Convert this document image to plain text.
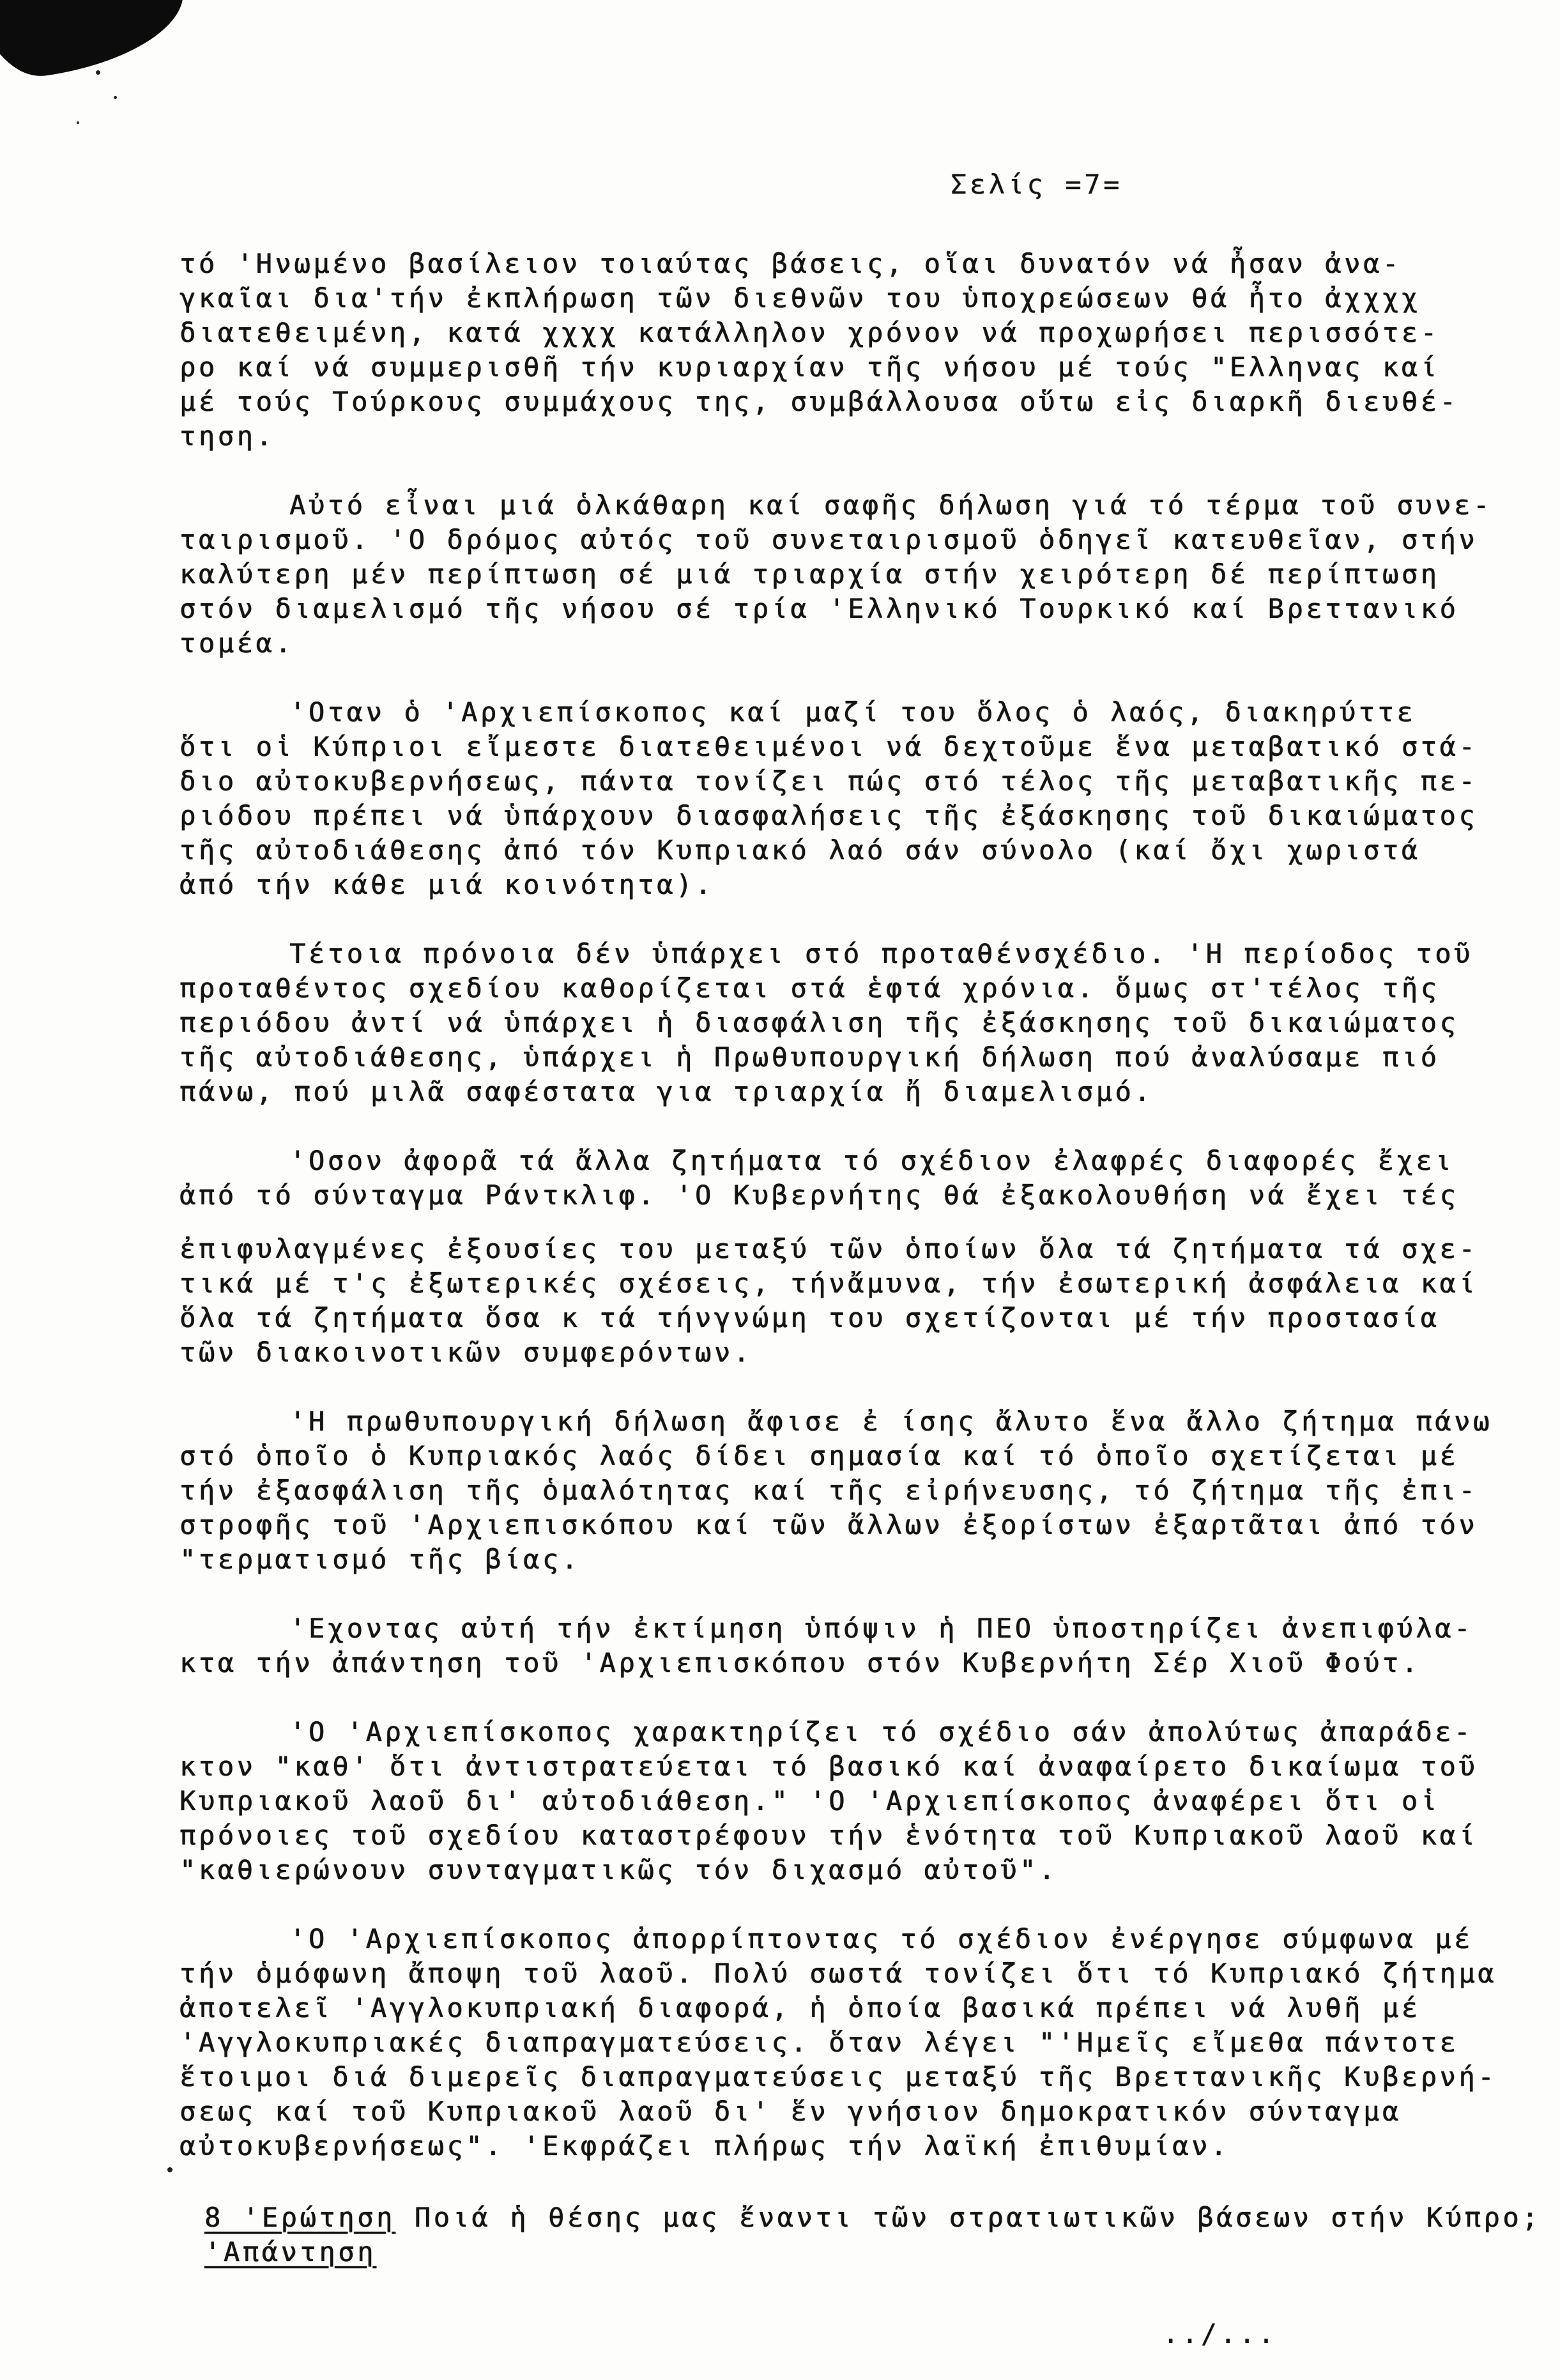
Σελίς =7=
τό 'Ηνωμένο βασίλειον τοιαύτας βάσεις, οἵαι δυνατόν νά ἦσαν ἀνα-
γκαῖαι δια'τήν ἐκπλήρωση τῶν διεθνῶν του ὑποχρεώσεων θά ἦτο ἀχχχχ
διατεθειμένη, κατά χχχχ κατάλληλον χρόνον νά προχωρήσει περισσότε-
ρο καί νά συμμερισθῆ τήν κυριαρχίαν τῆς νήσου μέ τούς "Ελληνας καί
μέ τούς Τούρκους συμμάχους της, συμβάλλουσα οὕτω εἰς διαρκῆ διευθέ-
τηση.
Αὐτό εἶναι μιά ὁλκάθαρη καί σαφῆς δήλωση γιά τό τέρμα τοῦ συνε-
ταιρισμοῦ. 'Ο δρόμος αὐτός τοῦ συνεταιρισμοῦ ὁδηγεῖ κατευθεῖαν, στήν
καλύτερη μέν περίπτωση σέ μιά τριαρχία στήν χειρότερη δέ περίπτωση
στόν διαμελισμό τῆς νήσου σέ τρία 'Ελληνικό Τουρκικό καί Βρεττανικό
τομέα.
'Οταν ὁ 'Αρχιεπίσκοπος καί μαζί του ὅλος ὁ λαός, διακηρύττε
ὅτι οἱ Κύπριοι εἴμεστε διατεθειμένοι νά δεχτοῦμε ἕνα μεταβατικό στά-
διο αὐτοκυβερνήσεως, πάντα τονίζει πώς στό τέλος τῆς μεταβατικῆς πε-
ριόδου πρέπει νά ὑπάρχουν διασφαλήσεις τῆς ἐξάσκησης τοῦ δικαιώματος
τῆς αὐτοδιάθεσης ἀπό τόν Κυπριακό λαό σάν σύνολο (καί ὄχι χωριστά
ἀπό τήν κάθε μιά κοινότητα).
Τέτοια πρόνοια δέν ὑπάρχει στό προταθένσχέδιο. 'Η περίοδος τοῦ
προταθέντος σχεδίου καθορίζεται στά ἑφτά χρόνια. ὅμως στ'τέλος τῆς
περιόδου ἀντί νά ὑπάρχει ἡ διασφάλιση τῆς ἐξάσκησης τοῦ δικαιώματος
τῆς αὐτοδιάθεσης, ὑπάρχει ἡ Πρωθυπουργική δήλωση πού ἀναλύσαμε πιό
πάνω, πού μιλᾶ σαφέστατα για τριαρχία ἤ διαμελισμό.
'Οσον ἀφορᾶ τά ἄλλα ζητήματα τό σχέδιον ἐλαφρές διαφορές ἔχει
ἀπό τό σύνταγμα Ράντκλιφ. 'Ο Κυβερνήτης θά ἐξακολουθήση νά ἔχει τές
ἐπιφυλαγμένες ἐξουσίες του μεταξύ τῶν ὁποίων ὅλα τά ζητήματα τά σχε-
τικά μέ τ'ς ἐξωτερικές σχέσεις, τήνἄμυνα, τήν ἐσωτερική ἀσφάλεια καί
ὅλα τά ζητήματα ὅσα κ τά τήνγνώμη του σχετίζονται μέ τήν προστασία
τῶν διακοινοτικῶν συμφερόντων.
'Η πρωθυπουργική δήλωση ἄφισε ἐ ίσης ἄλυτο ἕνα ἄλλο ζήτημα πάνω
στό ὁποῖο ὁ Κυπριακός λαός δίδει σημασία καί τό ὁποῖο σχετίζεται μέ
τήν ἐξασφάλιση τῆς ὁμαλότητας καί τῆς εἰρήνευσης, τό ζήτημα τῆς ἐπι-
στροφῆς τοῦ 'Αρχιεπισκόπου καί τῶν ἄλλων ἐξορίστων ἐξαρτᾶται ἀπό τόν
"τερματισμό τῆς βίας.
'Εχοντας αὐτή τήν ἐκτίμηση ὑπόψιν ἡ ΠΕΟ ὑποστηρίζει ἀνεπιφύλα-
κτα τήν ἀπάντηση τοῦ 'Αρχιεπισκόπου στόν Κυβερνήτη Σέρ Χιοῦ Φούτ.
'Ο 'Αρχιεπίσκοπος χαρακτηρίζει τό σχέδιο σάν ἀπολύτως ἀπαράδε-
κτον "καθ' ὅτι ἀντιστρατεύεται τό βασικό καί ἀναφαίρετο δικαίωμα τοῦ
Κυπριακοῦ λαοῦ δι' αὐτοδιάθεση." 'Ο 'Αρχιεπίσκοπος ἀναφέρει ὅτι οἱ
πρόνοιες τοῦ σχεδίου καταστρέφουν τήν ἑνότητα τοῦ Κυπριακοῦ λαοῦ καί
"καθιερώνουν συνταγματικῶς τόν διχασμό αὐτοῦ".
'Ο 'Αρχιεπίσκοπος ἀπορρίπτοντας τό σχέδιον ἐνέργησε σύμφωνα μέ
τήν ὁμόφωνη ἄποψη τοῦ λαοῦ. Πολύ σωστά τονίζει ὅτι τό Κυπριακό ζήτημα
ἀποτελεῖ 'Αγγλοκυπριακή διαφορά, ἡ ὁποία βασικά πρέπει νά λυθῆ μέ
'Αγγλοκυπριακές διαπραγματεύσεις. ὅταν λέγει "'Ημεῖς εἴμεθα πάντοτε
ἕτοιμοι διά διμερεῖς διαπραγματεύσεις μεταξύ τῆς Βρεττανικῆς Κυβερνή-
σεως καί τοῦ Κυπριακοῦ λαοῦ δι' ἕν γνήσιον δημοκρατικόν σύνταγμα
αὐτοκυβερνήσεως". 'Εκφράζει πλήρως τήν λαϊκή ἐπιθυμίαν.
8 'Ερώτηση Ποιά ἡ θέσης μας ἔναντι τῶν στρατιωτικῶν βάσεων στήν Κύπρο;
'Απάντηση
../...
